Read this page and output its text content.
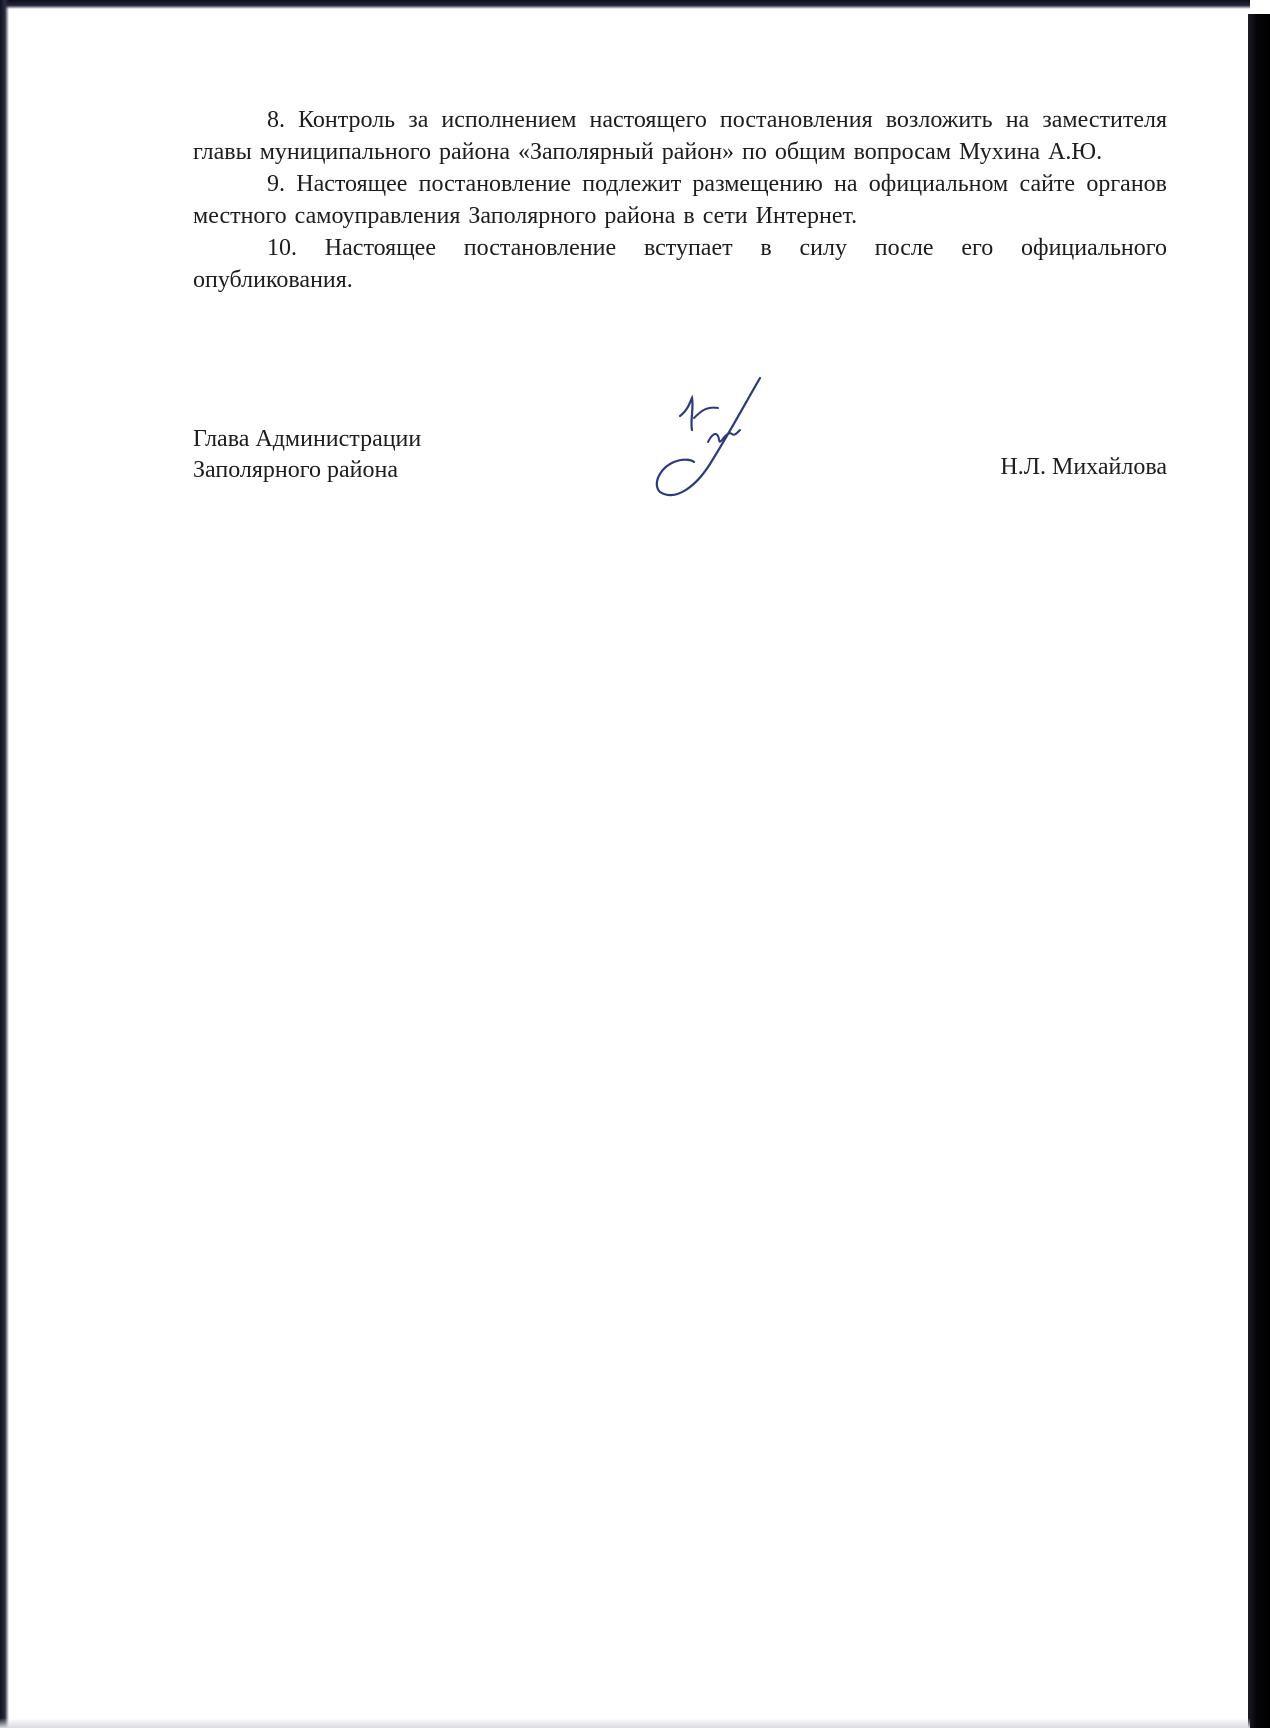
8. Контроль за исполнением настоящего постановления возложить на заместителя главы муниципального района «Заполярный район» по общим вопросам Мухина А.Ю.

9. Настоящее постановление подлежит размещению на официальном сайте органов местного самоуправления Заполярного района в сети Интернет.

10. Настоящее постановление вступает в силу после его официального опубликования.

Глава Администрации
Заполярного района	Н.Л. Михайлова
